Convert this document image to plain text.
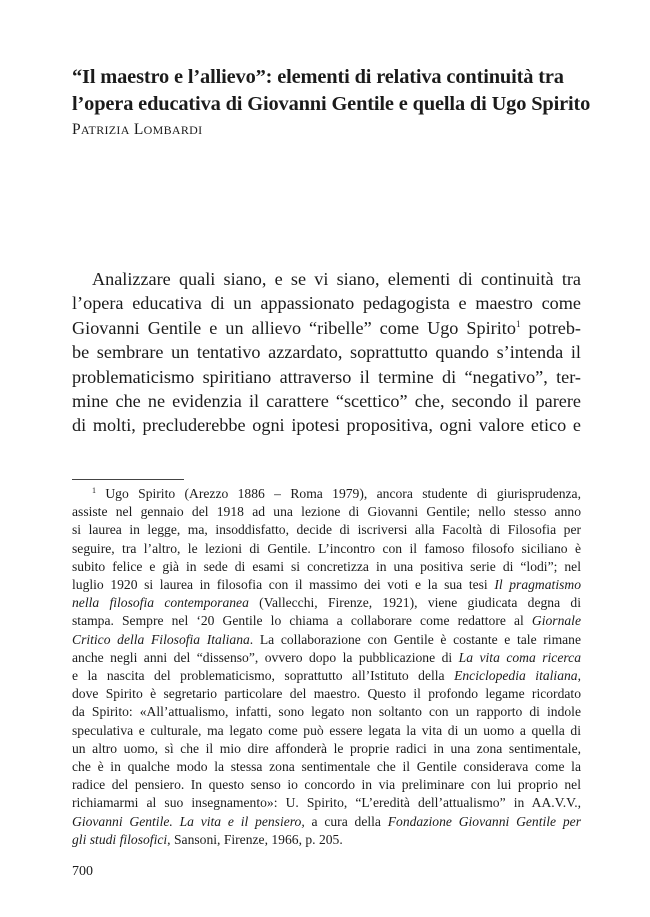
“Il maestro e l’allievo”: elementi di relativa continuità tra
l’opera educativa di Giovanni Gentile e quella di Ugo Spirito
PATRIZIA LOMBARDI
Analizzare quali siano, e se vi siano, elementi di continuità tra
l’opera educativa di un appassionato pedagogista e maestro come
Giovanni Gentile e un allievo “ribelle” come Ugo Spirito$^1$ potreb-
be sembrare un tentativo azzardato, soprattutto quando s’intenda il
problematicismo spiritiano attraverso il termine di “negativo”, ter-
mine che ne evidenzia il carattere “scettico” che, secondo il parere
di molti, precluderebbe ogni ipotesi propositiva, ogni valore etico e
$^1$ Ugo Spirito (Arezzo 1886 – Roma 1979), ancora studente di giurisprudenza,
assiste nel gennaio del 1918 ad una lezione di Giovanni Gentile; nello stesso anno
si laurea in legge, ma, insoddisfatto, decide di iscriversi alla Facoltà di Filosofia per
seguire, tra l’altro, le lezioni di Gentile. L’incontro con il famoso filosofo siciliano è
subito felice e già in sede di esami si concretizza in una positiva serie di “lodi”; nel
luglio 1920 si laurea in filosofia con il massimo dei voti e la sua tesi Il pragmatismo
nella filosofia contemporanea (Vallecchi, Firenze, 1921), viene giudicata degna di
stampa. Sempre nel ‘20 Gentile lo chiama a collaborare come redattore al Giornale
Critico della Filosofia Italiana. La collaborazione con Gentile è costante e tale rimane
anche negli anni del “dissenso”, ovvero dopo la pubblicazione di La vita coma ricerca
e la nascita del problematicismo, soprattutto all’Istituto della Enciclopedia italiana,
dove Spirito è segretario particolare del maestro. Questo il profondo legame ricordato
da Spirito: «All’attualismo, infatti, sono legato non soltanto con un rapporto di indole
speculativa e culturale, ma legato come può essere legata la vita di un uomo a quella di
un altro uomo, sì che il mio dire affonderà le proprie radici in una zona sentimentale,
che è in qualche modo la stessa zona sentimentale che il Gentile considerava come la
radice del pensiero. In questo senso io concordo in via preliminare con lui proprio nel
richiamarmi al suo insegnamento»: U. Spirito, “L’eredità dell’attualismo” in AA.V.V.,
Giovanni Gentile. La vita e il pensiero, a cura della Fondazione Giovanni Gentile per
gli studi filosofici, Sansoni, Firenze, 1966, p. 205.
700
